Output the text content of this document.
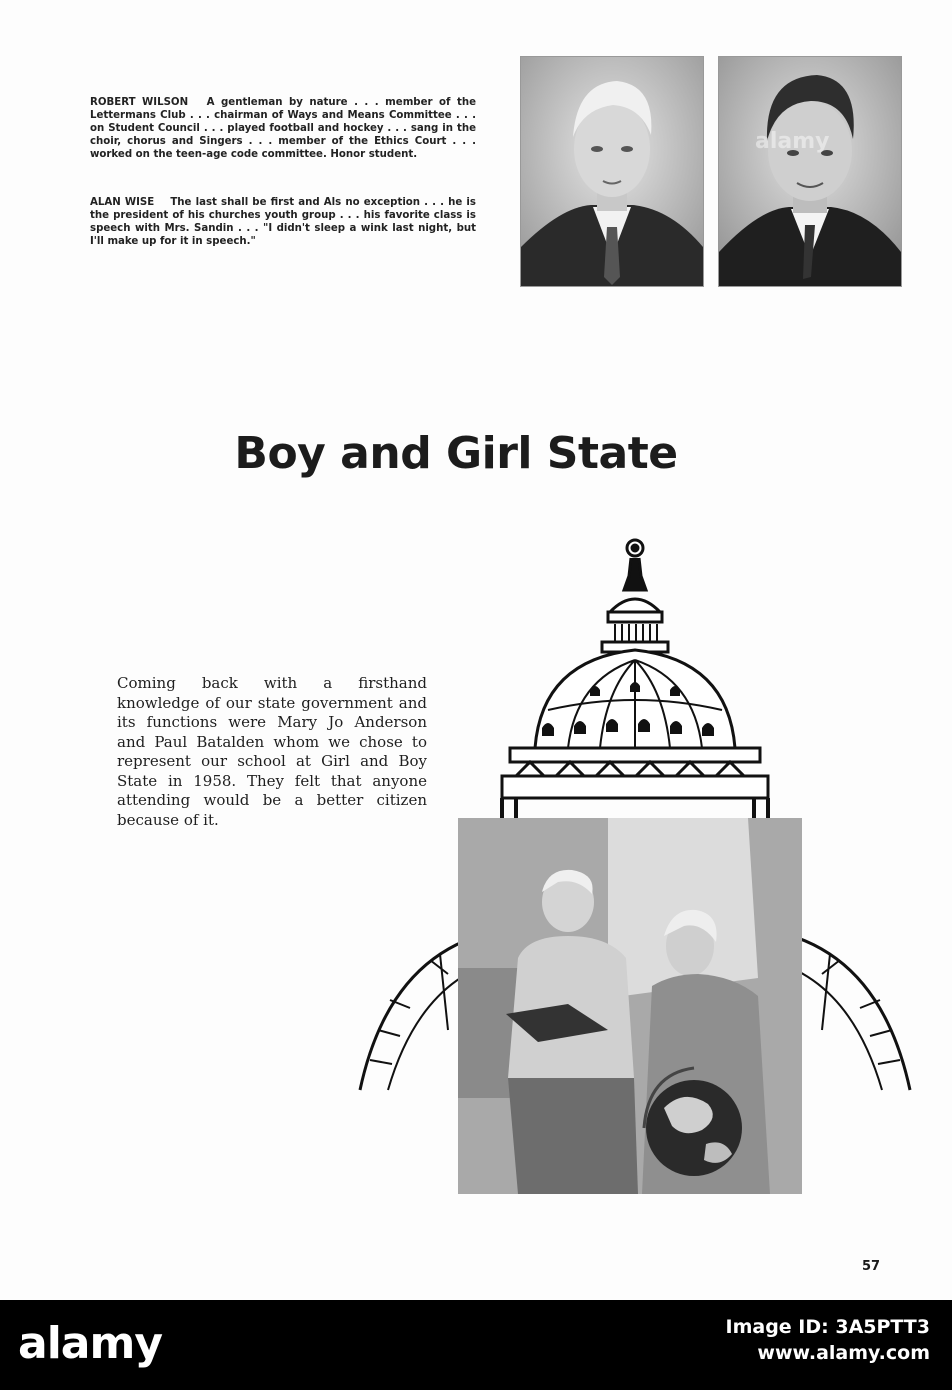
ROBERT WILSON A gentleman by nature . . . member of the Lettermans Club . . . chairman of Ways and Means Committee . . . on Student Council . . . played football and hockey . . . sang in the choir, chorus and Singers . . . member of the Ethics Court . . . worked on the teen-age code committee. Honor student.
ALAN WISE The last shall be first and Als no exception . . . he is the president of his churches youth group . . . his favorite class is speech with Mrs. Sandin . . . "I didn't sleep a wink last night, but I'll make up for it in speech."
alamy
Boy and Girl State
Coming back with a firsthand knowledge of our state government and its functions were Mary Jo Anderson and Paul Batalden whom we chose to represent our school at Girl and Boy State in 1958. They felt that anyone attending would be a better citizen because of it.
57
alamy	Image ID: 3A5PTT3
www.alamy.com
